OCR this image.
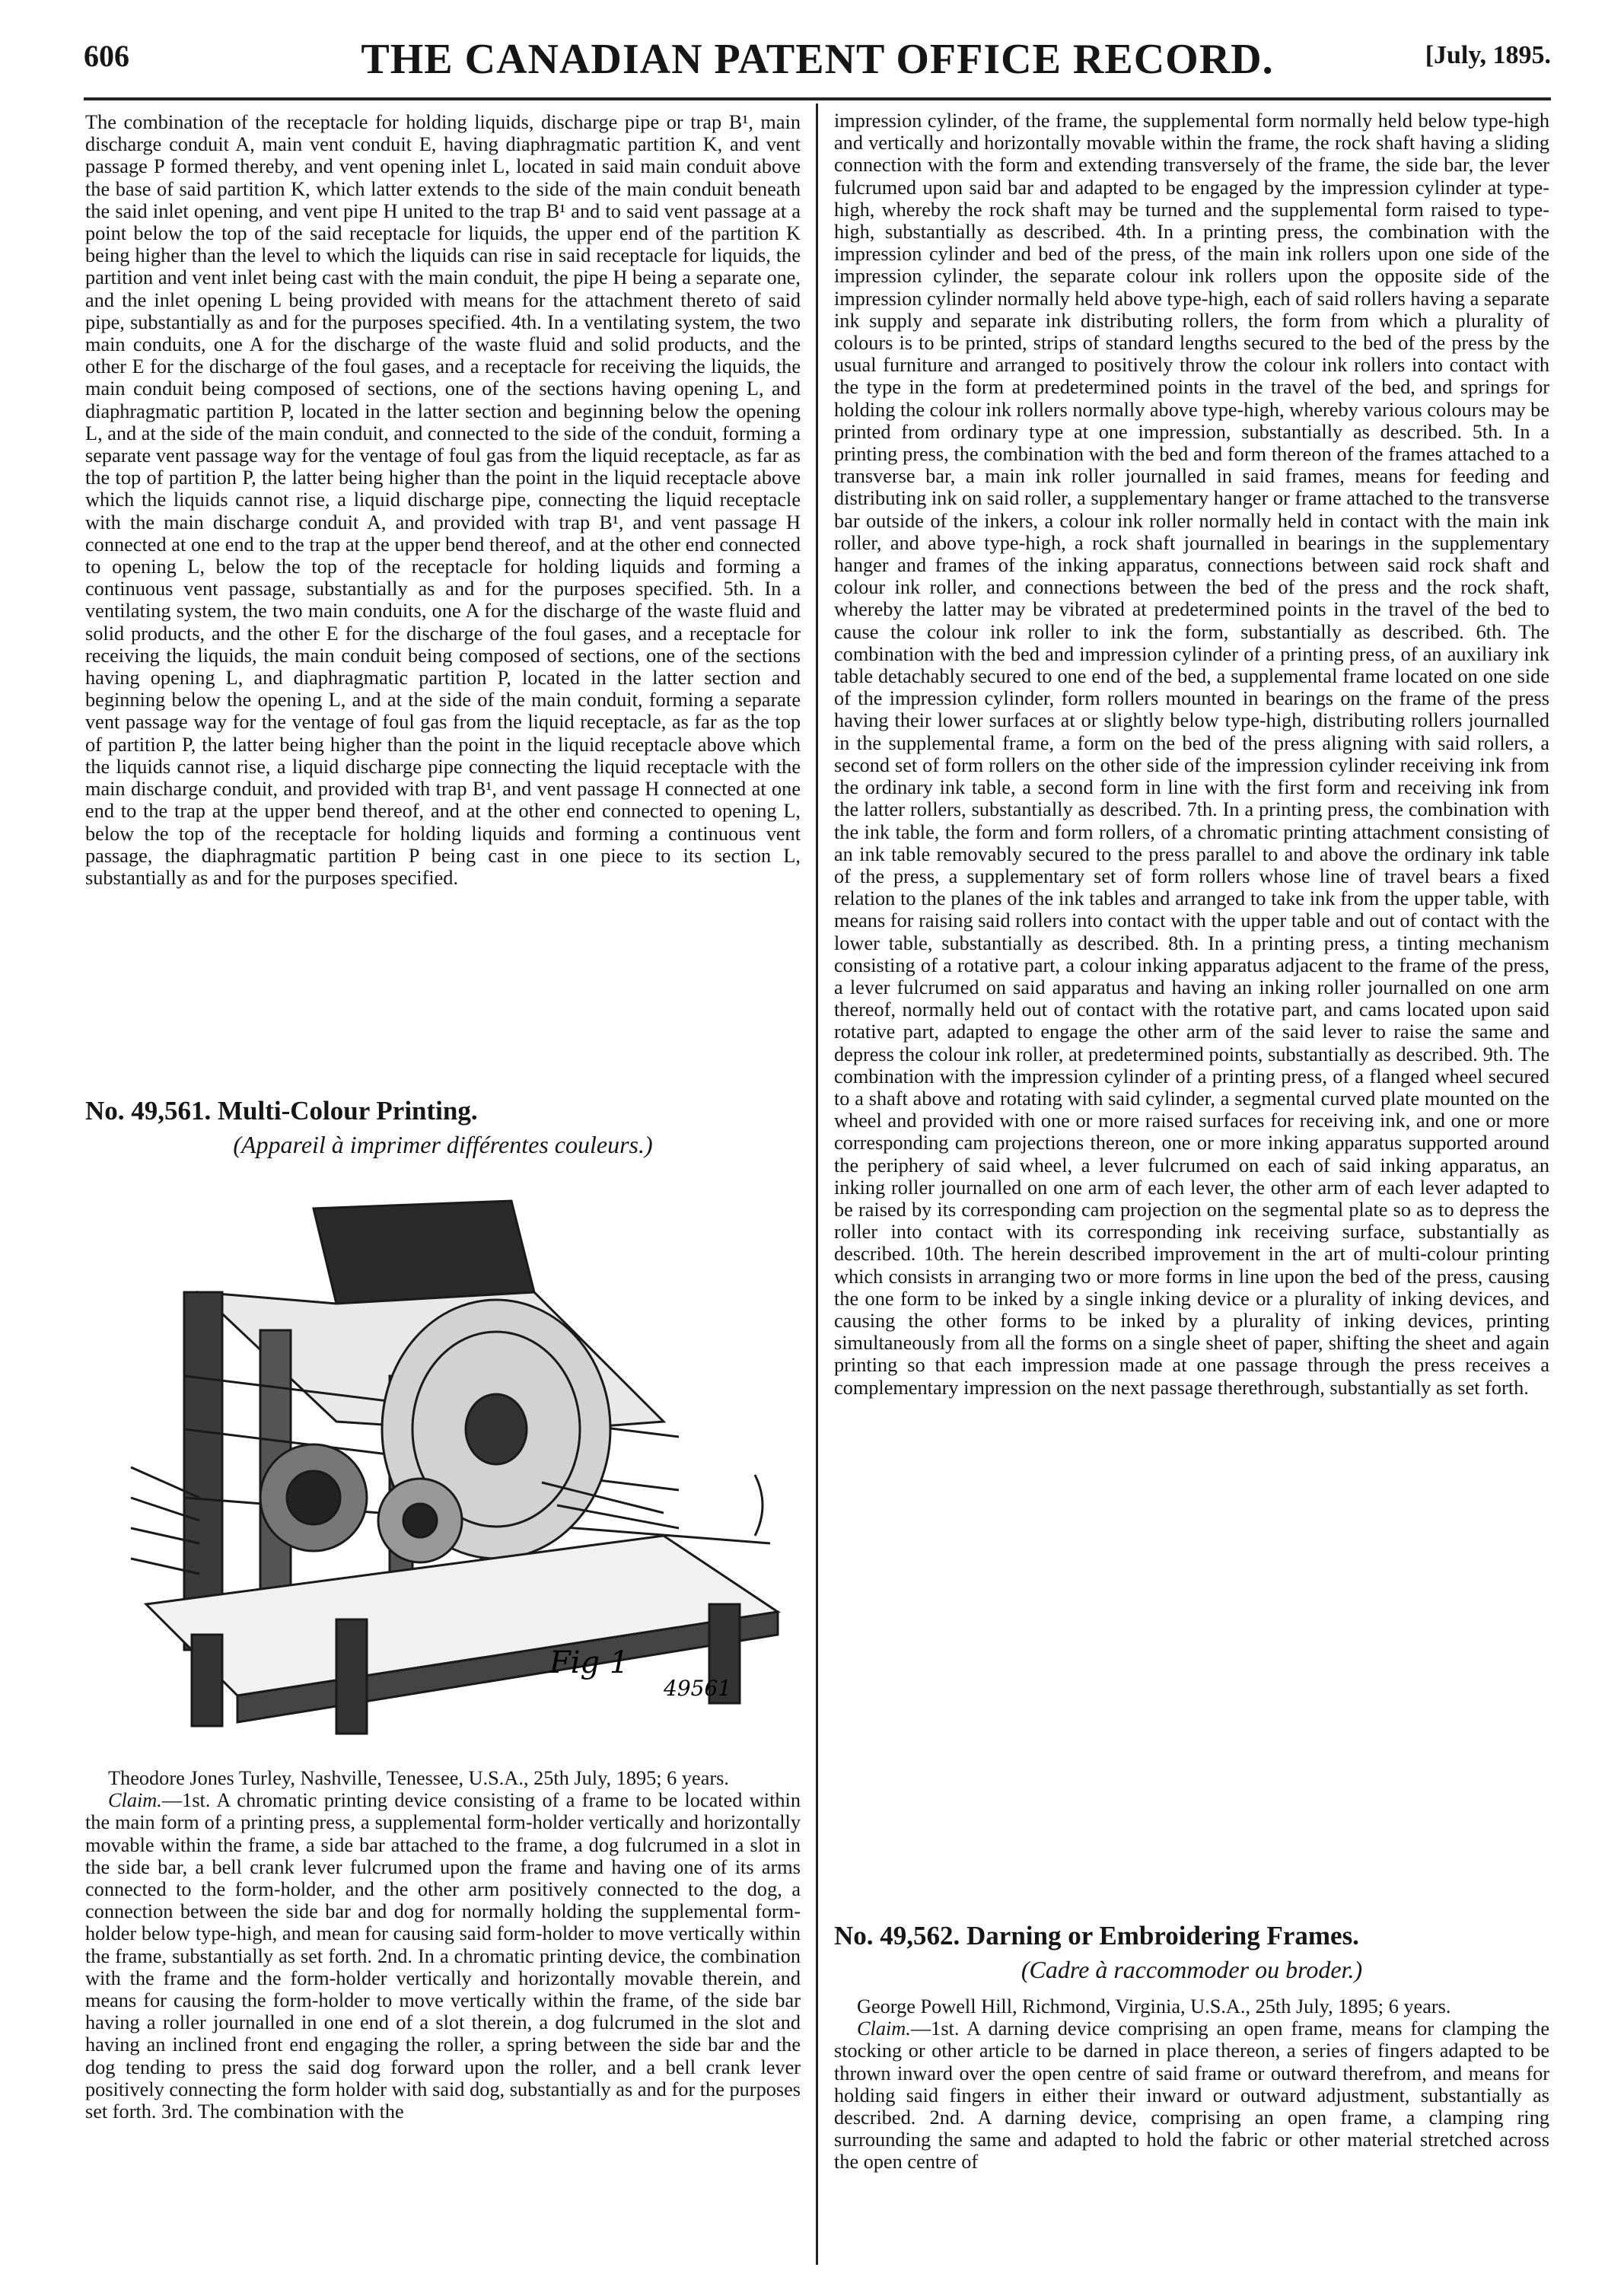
606	THE CANADIAN PATENT OFFICE RECORD.	[July, 1895.

The combination of the receptacle for holding liquids, discharge pipe or trap B¹, main discharge conduit A, main vent conduit E, having diaphragmatic partition K, and vent passage P formed thereby, and vent opening inlet L, located in said main conduit above the base of said partition K, which latter extends to the side of the main conduit beneath the said inlet opening, and vent pipe H united to the trap B¹ and to said vent passage at a point below the top of the said receptacle for liquids, the upper end of the partition K being higher than the level to which the liquids can rise in said receptacle for liquids, the partition and vent inlet being cast with the main conduit, the pipe H being a separate one, and the inlet opening L being provided with means for the attachment thereto of said pipe, substantially as and for the purposes specified. 4th. In a ventilating system, the two main conduits, one A for the discharge of the waste fluid and solid products, and the other E for the discharge of the foul gases, and a receptacle for receiving the liquids, the main conduit being composed of sections, one of the sections having opening L, and diaphragmatic partition P, located in the latter section and beginning below the opening L, and at the side of the main conduit, and connected to the side of the conduit, forming a separate vent passage way for the ventage of foul gas from the liquid receptacle, as far as the top of partition P, the latter being higher than the point in the liquid receptacle above which the liquids cannot rise, a liquid discharge pipe, connecting the liquid receptacle with the main discharge conduit A, and provided with trap B¹, and vent passage H connected at one end to the trap at the upper bend thereof, and at the other end connected to opening L, below the top of the receptacle for holding liquids and forming a continuous vent passage, substantially as and for the purposes specified. 5th. In a ventilating system, the two main conduits, one A for the discharge of the waste fluid and solid products, and the other E for the discharge of the foul gases, and a receptacle for receiving the liquids, the main conduit being composed of sections, one of the sections having opening L, and diaphragmatic partition P, located in the latter section and beginning below the opening L, and at the side of the main conduit, forming a separate vent passage way for the ventage of foul gas from the liquid receptacle, as far as the top of partition P, the latter being higher than the point in the liquid receptacle above which the liquids cannot rise, a liquid discharge pipe connecting the liquid receptacle with the main discharge conduit, and provided with trap B¹, and vent passage H connected at one end to the trap at the upper bend thereof, and at the other end connected to opening L, below the top of the receptacle for holding liquids and forming a continuous vent passage, the diaphragmatic partition P being cast in one piece to its section L, substantially as and for the purposes specified.

No. 49,561. Multi-Colour Printing.
(Appareil à imprimer différentes couleurs.)
Fig 1
49561

Theodore Jones Turley, Nashville, Tenessee, U.S.A., 25th July, 1895; 6 years.

Claim.—1st. A chromatic printing device consisting of a frame to be located within the main form of a printing press, a supplemental form-holder vertically and horizontally movable within the frame, a side bar attached to the frame, a dog fulcrumed in a slot in the side bar, a bell crank lever fulcrumed upon the frame and having one of its arms connected to the form-holder, and the other arm positively connected to the dog, a connection between the side bar and dog for normally holding the supplemental form-holder below type-high, and mean for causing said form-holder to move vertically within the frame, substantially as set forth. 2nd. In a chromatic printing device, the combination with the frame and the form-holder vertically and horizontally movable therein, and means for causing the form-holder to move vertically within the frame, of the side bar having a roller journalled in one end of a slot therein, a dog fulcrumed in the slot and having an inclined front end engaging the roller, a spring between the side bar and the dog tending to press the said dog forward upon the roller, and a bell crank lever positively connecting the form holder with said dog, substantially as and for the purposes set forth. 3rd. The combination with the

impression cylinder, of the frame, the supplemental form normally held below type-high and vertically and horizontally movable within the frame, the rock shaft having a sliding connection with the form and extending transversely of the frame, the side bar, the lever fulcrumed upon said bar and adapted to be engaged by the impression cylinder at type-high, whereby the rock shaft may be turned and the supplemental form raised to type-high, substantially as described. 4th. In a printing press, the combination with the impression cylinder and bed of the press, of the main ink rollers upon one side of the impression cylinder, the separate colour ink rollers upon the opposite side of the impression cylinder normally held above type-high, each of said rollers having a separate ink supply and separate ink distributing rollers, the form from which a plurality of colours is to be printed, strips of standard lengths secured to the bed of the press by the usual furniture and arranged to positively throw the colour ink rollers into contact with the type in the form at predetermined points in the travel of the bed, and springs for holding the colour ink rollers normally above type-high, whereby various colours may be printed from ordinary type at one impression, substantially as described. 5th. In a printing press, the combination with the bed and form thereon of the frames attached to a transverse bar, a main ink roller journalled in said frames, means for feeding and distributing ink on said roller, a supplementary hanger or frame attached to the transverse bar outside of the inkers, a colour ink roller normally held in contact with the main ink roller, and above type-high, a rock shaft journalled in bearings in the supplementary hanger and frames of the inking apparatus, connections between said rock shaft and colour ink roller, and connections between the bed of the press and the rock shaft, whereby the latter may be vibrated at predetermined points in the travel of the bed to cause the colour ink roller to ink the form, substantially as described. 6th. The combination with the bed and impression cylinder of a printing press, of an auxiliary ink table detachably secured to one end of the bed, a supplemental frame located on one side of the impression cylinder, form rollers mounted in bearings on the frame of the press having their lower surfaces at or slightly below type-high, distributing rollers journalled in the supplemental frame, a form on the bed of the press aligning with said rollers, a second set of form rollers on the other side of the impression cylinder receiving ink from the ordinary ink table, a second form in line with the first form and receiving ink from the latter rollers, substantially as described. 7th. In a printing press, the combination with the ink table, the form and form rollers, of a chromatic printing attachment consisting of an ink table removably secured to the press parallel to and above the ordinary ink table of the press, a supplementary set of form rollers whose line of travel bears a fixed relation to the planes of the ink tables and arranged to take ink from the upper table, with means for raising said rollers into contact with the upper table and out of contact with the lower table, substantially as described. 8th. In a printing press, a tinting mechanism consisting of a rotative part, a colour inking apparatus adjacent to the frame of the press, a lever fulcrumed on said apparatus and having an inking roller journalled on one arm thereof, normally held out of contact with the rotative part, and cams located upon said rotative part, adapted to engage the other arm of the said lever to raise the same and depress the colour ink roller, at predetermined points, substantially as described. 9th. The combination with the impression cylinder of a printing press, of a flanged wheel secured to a shaft above and rotating with said cylinder, a segmental curved plate mounted on the wheel and provided with one or more raised surfaces for receiving ink, and one or more corresponding cam projections thereon, one or more inking apparatus supported around the periphery of said wheel, a lever fulcrumed on each of said inking apparatus, an inking roller journalled on one arm of each lever, the other arm of each lever adapted to be raised by its corresponding cam projection on the segmental plate so as to depress the roller into contact with its corresponding ink receiving surface, substantially as described. 10th. The herein described improvement in the art of multi-colour printing which consists in arranging two or more forms in line upon the bed of the press, causing the one form to be inked by a single inking device or a plurality of inking devices, and causing the other forms to be inked by a plurality of inking devices, printing simultaneously from all the forms on a single sheet of paper, shifting the sheet and again printing so that each impression made at one passage through the press receives a complementary impression on the next passage therethrough, substantially as set forth.

No. 49,562. Darning or Embroidering Frames.
(Cadre à raccommoder ou broder.)

George Powell Hill, Richmond, Virginia, U.S.A., 25th July, 1895; 6 years.

Claim.—1st. A darning device comprising an open frame, means for clamping the stocking or other article to be darned in place thereon, a series of fingers adapted to be thrown inward over the open centre of said frame or outward therefrom, and means for holding said fingers in either their inward or outward adjustment, substantially as described. 2nd. A darning device, comprising an open frame, a clamping ring surrounding the same and adapted to hold the fabric or other material stretched across the open centre of
